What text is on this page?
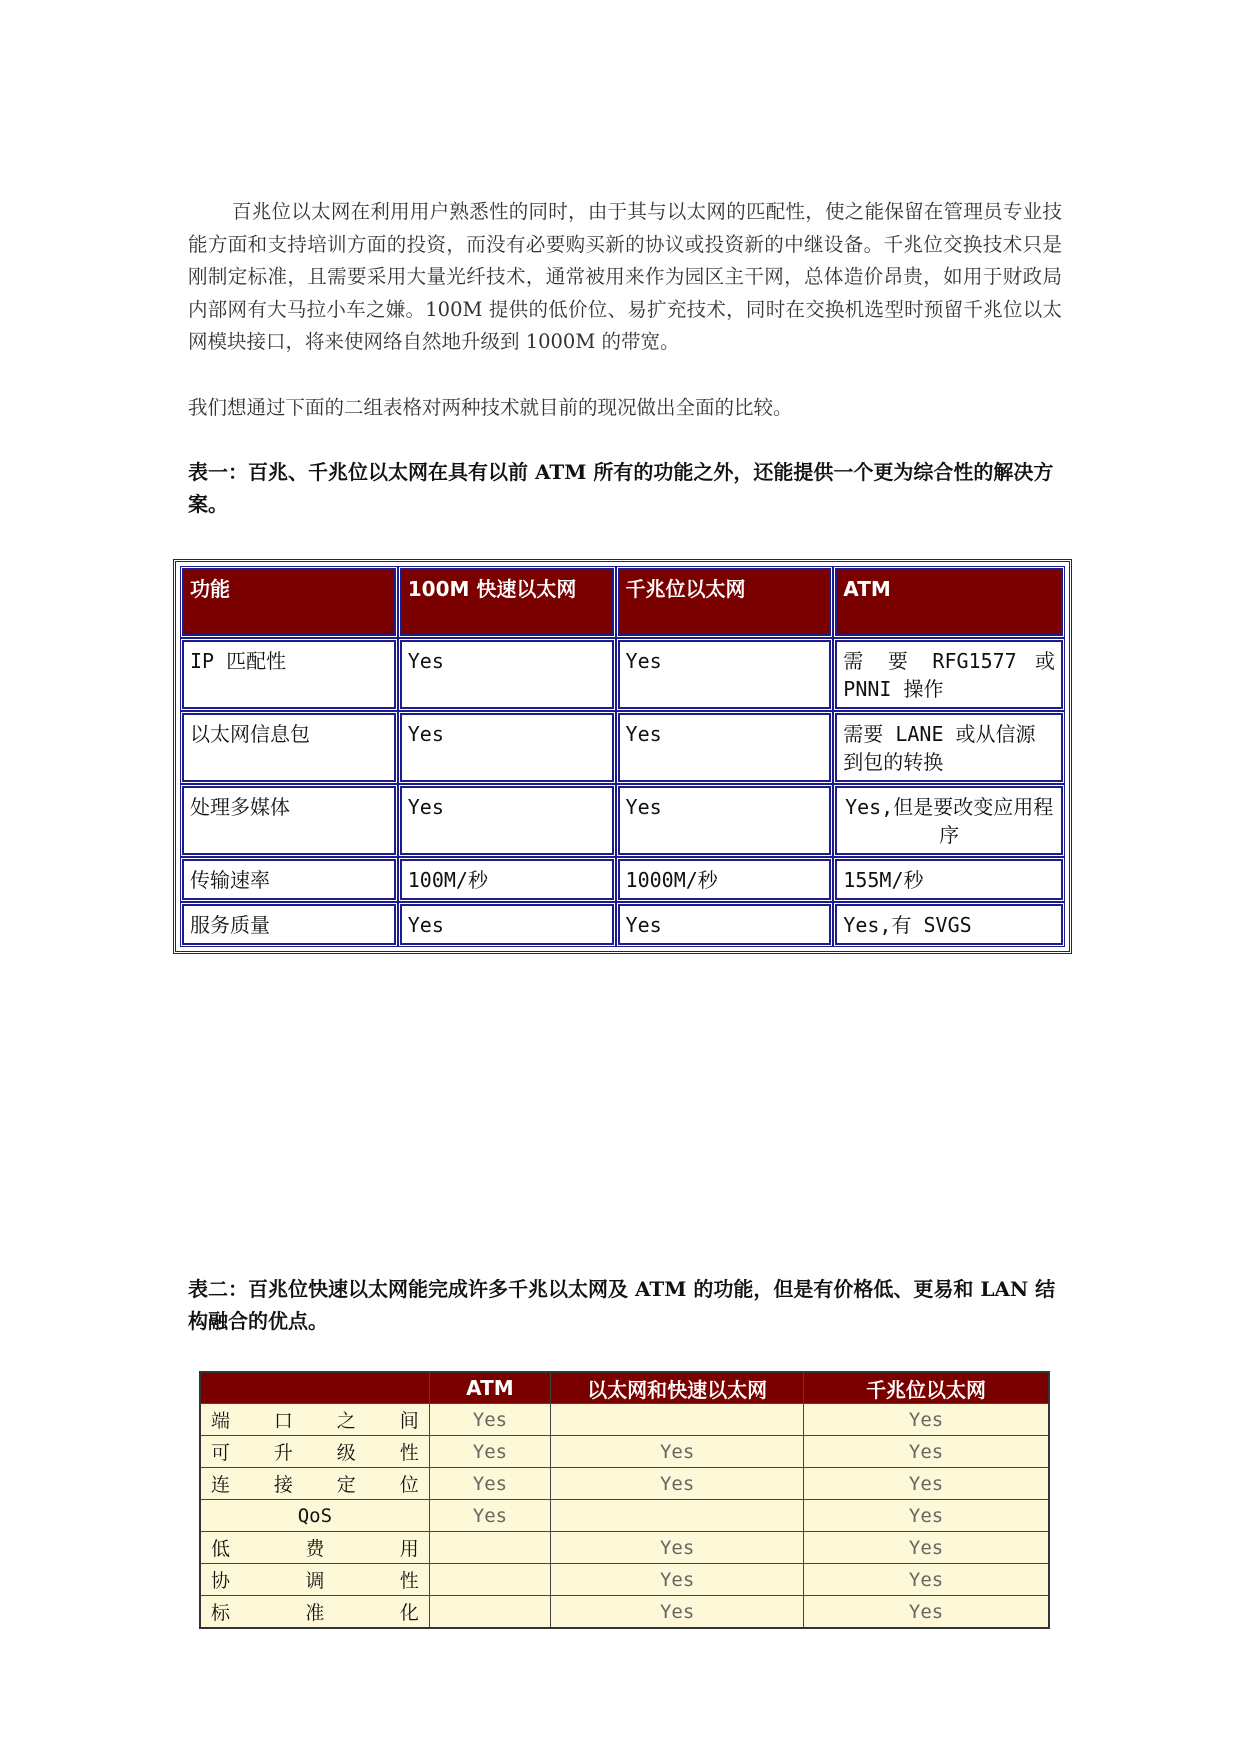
百兆位以太网在利用用户熟悉性的同时，由于其与以太网的匹配性，使之能保留在管理员专业技能方面和支持培训方面的投资，而没有必要购买新的协议或投资新的中继设备。千兆位交换技术只是刚制定标准，且需要采用大量光纤技术，通常被用来作为园区主干网，总体造价昂贵，如用于财政局内部网有大马拉小车之嫌。100M 提供的低价位、易扩充技术，同时在交换机选型时预留千兆位以太网模块接口，将来使网络自然地升级到 1000M 的带宽。

我们想通过下面的二组表格对两种技术就目前的现况做出全面的比较。

表一：百兆、千兆位以太网在具有以前 ATM 所有的功能之外，还能提供一个更为综合性的解决方案。

功能	100M 快速以太网	千兆位以太网	ATM
IP 匹配性	Yes	Yes	需 要 RFG1577 或 PNNI 操作
以太网信息包	Yes	Yes	需要 LANE 或从信源到包的转换
处理多媒体	Yes	Yes	Yes,但是要改变应用程序
传输速率	100M/秒	1000M/秒	155M/秒
服务质量	Yes	Yes	Yes,有 SVGS

表二：百兆位快速以太网能完成许多千兆以太网及 ATM 的功能，但是有价格低、更易和 LAN 结构融合的优点。

	ATM	以太网和快速以太网	千兆位以太网
端口之间	Yes		Yes
可升级性	Yes	Yes	Yes
连接定位	Yes	Yes	Yes
QoS	Yes		Yes
低费用		Yes	Yes
协调性		Yes	Yes
标准化		Yes	Yes
